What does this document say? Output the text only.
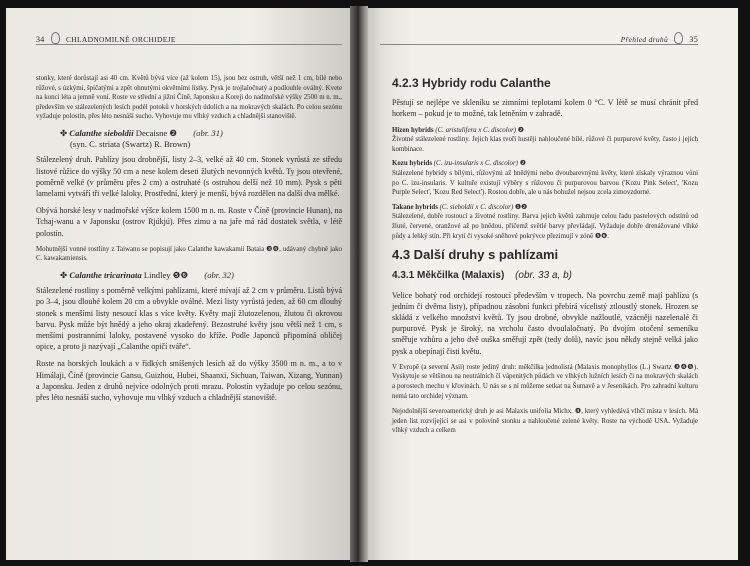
34	CHLADNOMILNÉ ORCHIDEJE

stonky, které dorůstají asi 40 cm. Květů bývá více (až kolem 15), jsou bez ostruh, větší než 1 cm, bílé nebo růžové, s úzkými, špičatými a zpět ohnutými okvětními lístky. Pysk je trojlaločnatý a podlouhle oválný. Kvete na konci léta a jemně voní. Roste ve střední a jižní Číně, Japonsku a Koreji do nadmořské výšky 2500 m n. m., především ve stálezelených lesích podél potoků v horských údolích a na mokravých skalách. Po celou sezónu vyžaduje polostín, přes léto nesnáší sucho. Vyhovuje mu vlhký vzduch a chladnější stanoviště.

✤ Calanthe sieboldii Decaisne ❷ (obr. 31)
(syn. C. striata (Swartz) R. Brown)

Stálezelený druh. Pahlízy jsou drobnější, listy 2–3, velké až 40 cm. Stonek vyrůstá ze středu listové růžice do výšky 50 cm a nese kolem deseti žlutých nevonných květů. Ty jsou otevřené, poměrně velké (v průměru přes 2 cm) a ostruhaté (s ostruhou delší než 10 mm). Pysk s pěti lamelami vytváří tři velké laloky. Prostřední, který je menší, bývá rozdělen na další dva mělké.

Obývá horské lesy v nadmořské výšce kolem 1500 m n. m. Roste v Číně (provincie Hunan), na Tchaj-wanu a v Japonsku (ostrov Rjúkjú). Přes zimu a na jaře má rád dostatek světla, v létě polostín.

Mohutnější vonné rostliny z Taiwanu se popisují jako Calanthe kawakamii Bataia ❸❹, udávaný chybně jako C. kawakamiensis.

✤ Calanthe tricarinata Lindley ❺❻ (obr. 32)

Stálezelené rostliny s poměrně velkými pahlízami, které mívají až 2 cm v průměru. Listů bývá po 3–4, jsou dlouhé kolem 20 cm a obvykle oválné. Mezi listy vyrůstá jeden, až 60 cm dlouhý stonek s menšími listy nesoucí klas s více květy. Květy mají žlutozelenou, žlutou či okrovou barvu. Pysk může být hnědý a jeho okraj zkadeřený. Bezostruhé květy jsou větší než 1 cm, s menšími postranními laloky, postavené vysoko do kříže. Podle Japonců připomíná obličej opice, a proto ji nazývají „Calanthe opičí tváře“.

Roste na horských loukách a v řídkých smíšených lesích až do výšky 3500 m n. m., a to v Himálaji, Číně (provincie Gansu, Guizhou, Hubei, Shaanxi, Sichuan, Taiwan, Xizang, Yunnan) a Japonsku. Jeden z druhů nejvíce odolných proti mrazu. Polostín vyžaduje po celou sezónu, přes léto nesnáší sucho, vyhovuje mu vlhký vzduch a chladnější stanoviště.

Přehled druhů	35
4.2.3 Hybridy rodu Calanthe

Pěstují se nejlépe ve skleníku se zimními teplotami kolem 0 °C. V létě se musí chránit před horkem – pokud je to možné, tak letněním v zahradě.

Hizen hybrids (C. aristulifera x C. discolor) ❷
Životné stálezelené rostliny. Jejich klas tvoří hustěji nahloučené bílé, růžové či purpurové květy, často i jejich kombinace.
Kozu hybrids (C. izu-insularis x C. discolor) ❷
Stálezelené hybridy s bílými, růžovými až hnědými nebo dvoubarevnými květy, které získaly výraznou vůni po C. izu-insularis. V kultuře existují výběry s růžovou či purpurovou barvou ('Kozu Pink Select', 'Kozu Purple Select', 'Kozu Red Select'). Rostou dobře, ale u nás bohužel nejsou zcela zimovzdorné.
Takane hybrids (C. sieboldii x C. discolor) ❶❷
Stálezelené, dobře rostoucí a životné rostliny. Barva jejich květů zahrnuje celou řadu pastelových odstínů od žluté, červené, oranžové až po hnědou, přičemž světlé barvy převládají. Vyžaduje dobře drenážované vlhké půdy a lehký stín. Při krytí či vysoké sněhové pokrývce přezimují v zóně ❺❻.
4.3 Další druhy s pahlízami
4.3.1 Měkčilka (Malaxis) (obr. 33 a, b)

Velice bohatý rod orchidejí rostoucí především v tropech. Na povrchu země mají pahlízu (s jedním či dvěma listy), případnou zásobní funkci přebírá vícelistý ztloustlý stonek. Hrozen se skládá z velkého množství květů. Ty jsou drobné, obvykle nažloutlé, vzácněji nazelenalé či purpurové. Pysk je široký, na vrcholu často dvoulaločnatý. Po dvojím otočení semeníku směřuje vzhůru a jeho dvě ouška směřují zpět (tedy dolů), navíc jsou někdy stejně velká jako pysk a obepínají čisti květu.

V Evropě (a severní Asii) roste jediný druh: měkčilka jednolistá (Malaxis monophyllos (L.) Swartz ❸❹❺). Vyskytuje se většinou na neutrálních či vápenitých půdách ve vlhkých lužních lesích či na mokravých skalách a porostech mechu v křovinách. U nás se s ní můžeme setkat na Šumavě a v Jeseníkách. Pro zahradní kulturu nemá tato orchidej význam.

Nejodolnější severoamerický druh je asi Malaxis unifolia Michx. ❹, který vyhledává vlhčí místa v lesích. Má jeden list rozvíjející se asi v polovině stonku a nahloučené zelené květy. Roste na východě USA. Vyžaduje vlhký vzduch a celkem
